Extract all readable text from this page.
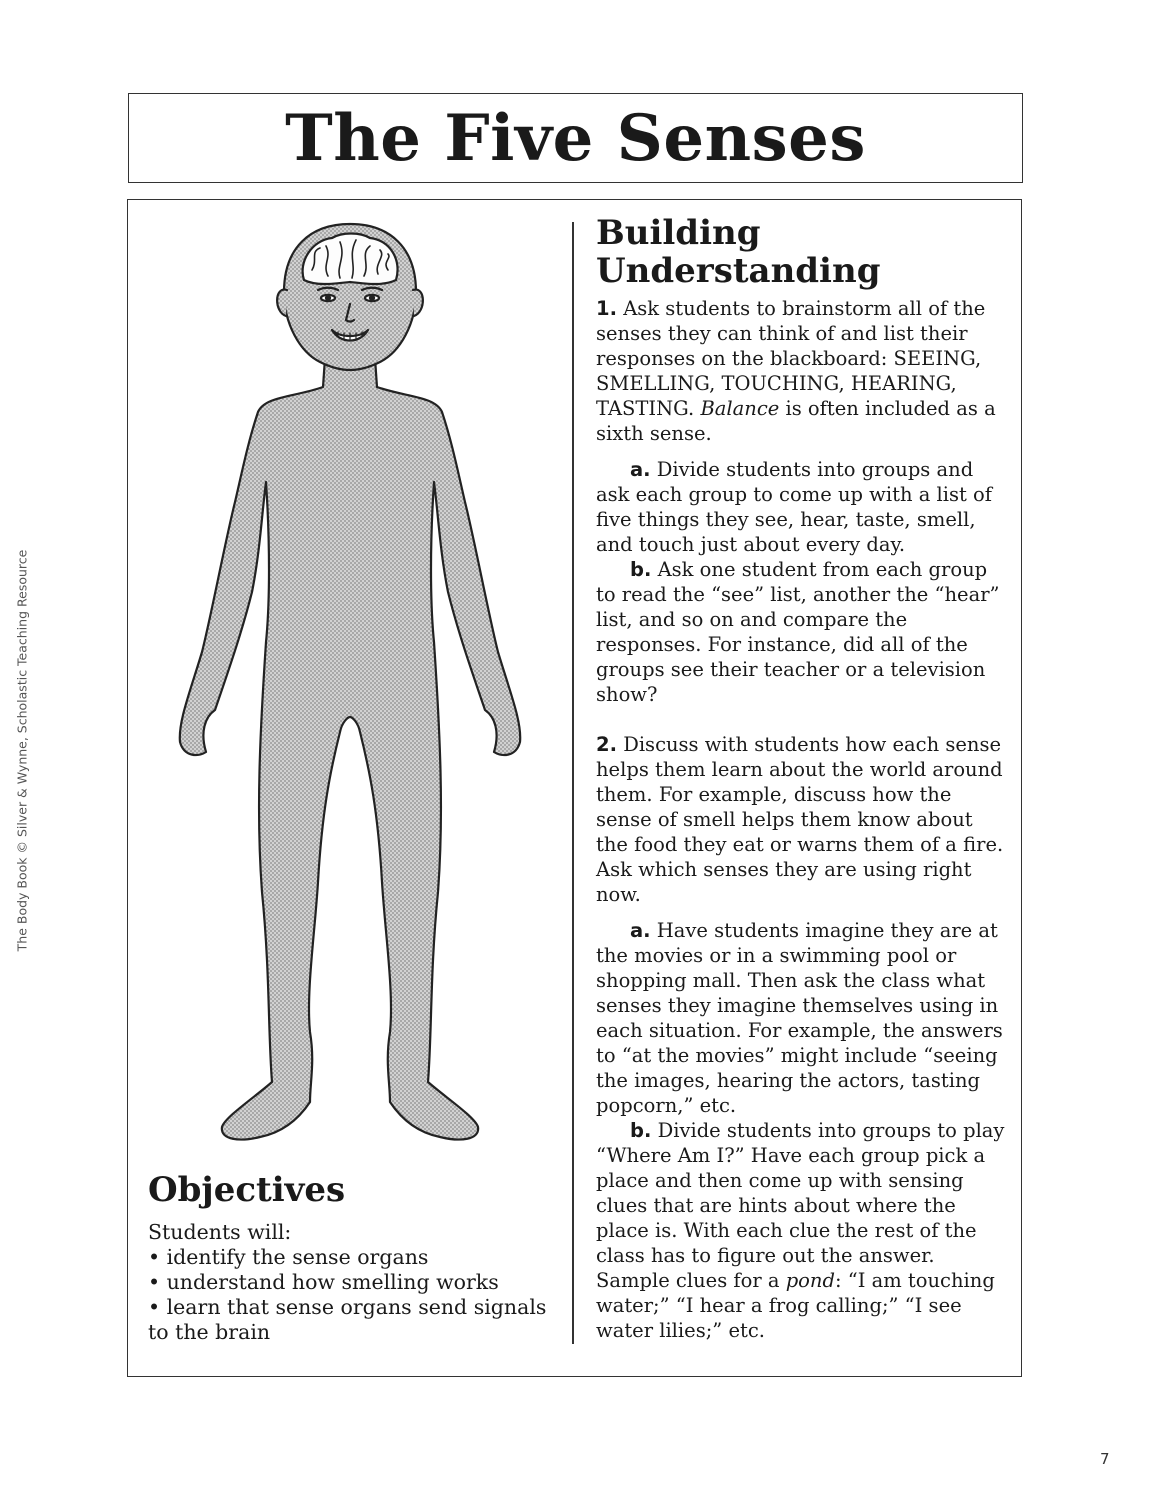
The Body Book © Silver & Wynne, Scholastic Teaching Resource
The Five Senses
Objectives

Students will:

• identify the sense organs
• understand how smelling works
• learn that sense organs send signals to the brain
Building Understanding

1. Ask students to brainstorm all of the senses they can think of and list their responses on the blackboard: SEEING, SMELLING, TOUCHING, HEARING, TASTING. Balance is often included as a sixth sense.

a. Divide students into groups and ask each group to come up with a list of five things they see, hear, taste, smell, and touch just about every day.

b. Ask one student from each group to read the “see” list, another the “hear” list, and so on and compare the responses. For instance, did all of the groups see their teacher or a television show?

2. Discuss with students how each sense helps them learn about the world around them. For example, discuss how the sense of smell helps them know about the food they eat or warns them of a fire. Ask which senses they are using right now.

a. Have students imagine they are at the movies or in a swimming pool or shopping mall. Then ask the class what senses they imagine themselves using in each situation. For example, the answers to “at the movies” might include “seeing the images, hearing the actors, tasting popcorn,” etc.

b. Divide students into groups to play “Where Am I?” Have each group pick a place and then come up with sensing clues that are hints about where the place is. With each clue the rest of the class has to figure out the answer. Sample clues for a pond: “I am touching water;” “I hear a frog calling;” “I see water lilies;” etc.

7
